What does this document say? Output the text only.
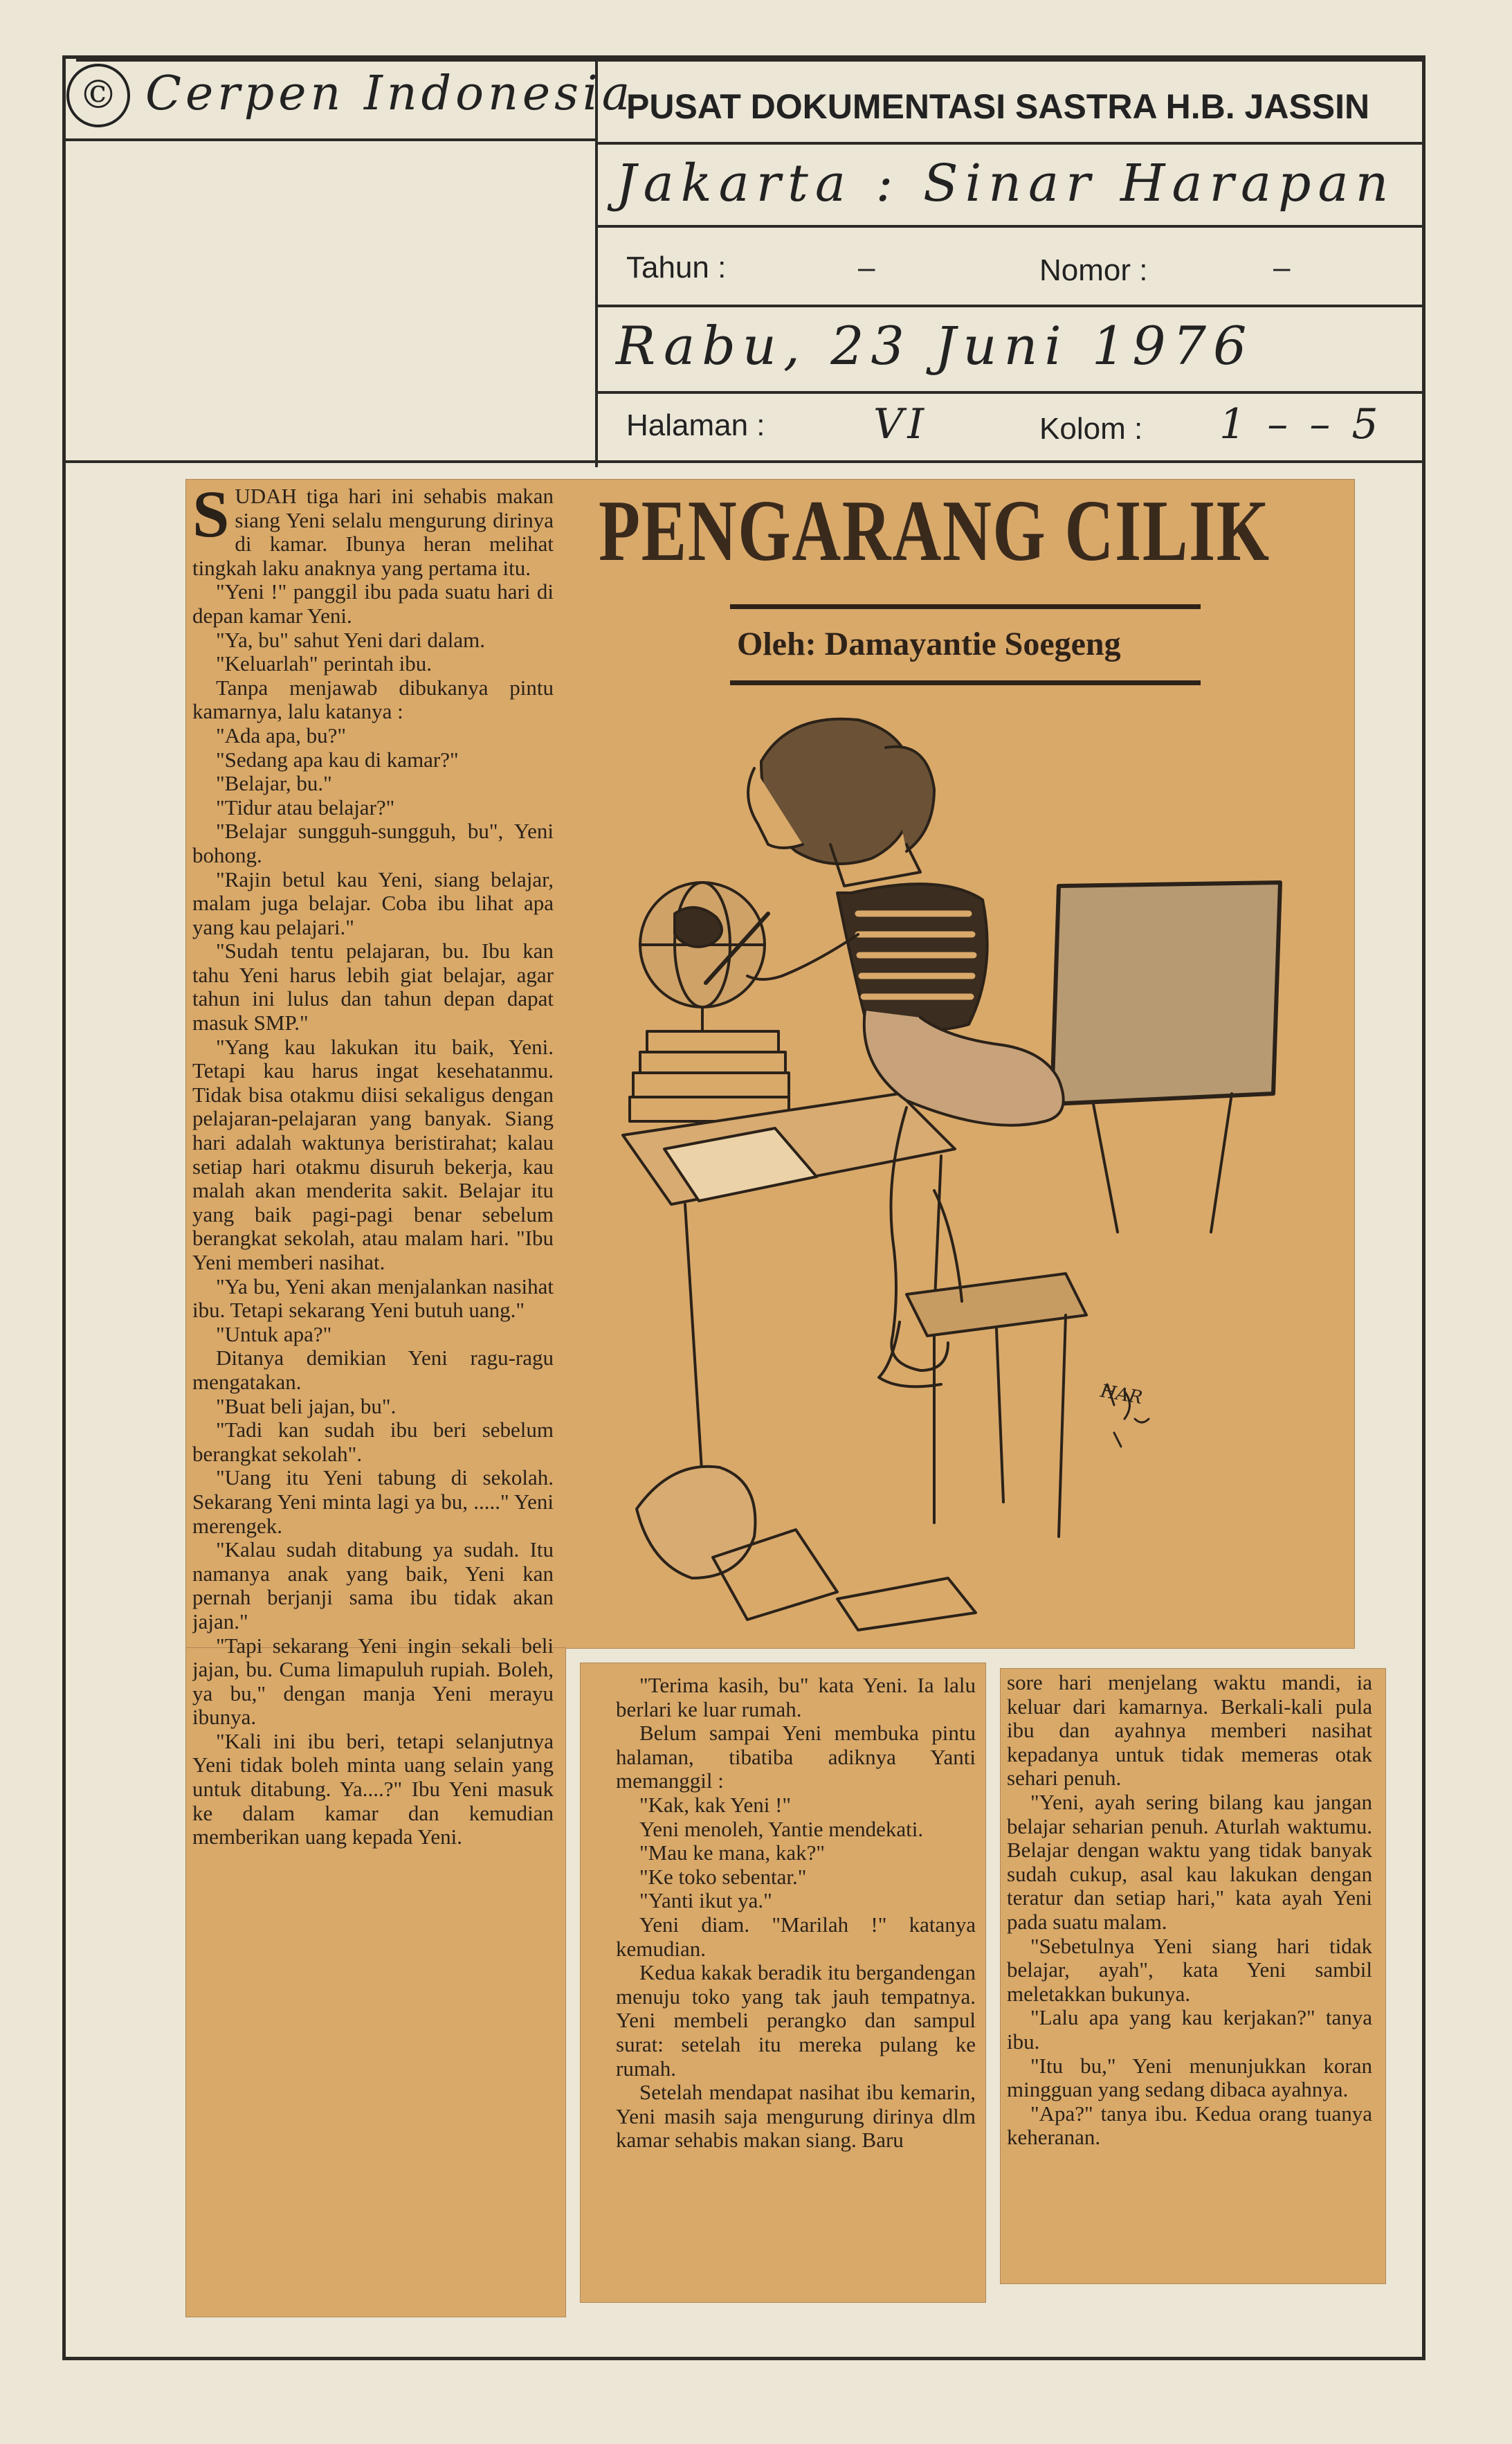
© Cerpen Indonesia
PUSAT DOKUMENTASI SASTRA H.B. JASSIN
Jakarta : Sinar Harapan
Tahun :	–	Nomor :	–
Rabu, 23 Juni 1976
Halaman :	VI	Kolom : 1 – – 5
PENGARANG CILIK
Oleh: Damayantie Soegeng

SUDAH tiga hari ini sehabis makan siang Yeni selalu mengurung dirinya di kamar. Ibunya heran melihat tingkah laku anaknya yang pertama itu.

"Yeni !" panggil ibu pada suatu hari di depan kamar Yeni.

"Ya, bu" sahut Yeni dari dalam.

"Keluarlah" perintah ibu.

Tanpa menjawab dibukanya pintu kamarnya, lalu katanya :

"Ada apa, bu?"

"Sedang apa kau di kamar?"

"Belajar, bu."

"Tidur atau belajar?"

"Belajar sungguh-sungguh, bu", Yeni bohong.

"Rajin betul kau Yeni, siang belajar, malam juga belajar. Coba ibu lihat apa yang kau pelajari."

"Sudah tentu pelajaran, bu. Ibu kan tahu Yeni harus lebih giat belajar, agar tahun ini lulus dan tahun depan dapat masuk SMP."

"Yang kau lakukan itu baik, Yeni. Tetapi kau harus ingat kesehatanmu. Tidak bisa otakmu diisi sekaligus dengan pelajaran-pelajaran yang banyak. Siang hari adalah waktunya beristirahat; kalau setiap hari otakmu disuruh bekerja, kau malah akan menderita sakit. Belajar itu yang baik pagi-pagi benar sebelum berangkat sekolah, atau malam hari. "Ibu Yeni memberi nasihat.

"Ya bu, Yeni akan menjalankan nasihat ibu. Tetapi sekarang Yeni butuh uang."

"Untuk apa?"

Ditanya demikian Yeni ragu-ragu mengatakan.

"Buat beli jajan, bu".

"Tadi kan sudah ibu beri sebelum berangkat sekolah".

"Uang itu Yeni tabung di sekolah. Sekarang Yeni minta lagi ya bu, ....." Yeni merengek.

"Kalau sudah ditabung ya sudah. Itu namanya anak yang baik, Yeni kan pernah berjanji sama ibu tidak akan jajan."

"Tapi sekarang Yeni ingin sekali beli jajan, bu. Cuma limapuluh rupiah. Boleh, ya bu," dengan manja Yeni merayu ibunya.

"Kali ini ibu beri, tetapi selanjutnya Yeni tidak boleh minta uang selain yang untuk ditabung. Ya....?" Ibu Yeni masuk ke dalam kamar dan kemudian memberikan uang kepada Yeni.

"Terima kasih, bu" kata Yeni. Ia lalu berlari ke luar rumah.

Belum sampai Yeni membuka pintu halaman, tibatiba adiknya Yanti memanggil :

"Kak, kak Yeni !"

Yeni menoleh, Yantie mendekati.

"Mau ke mana, kak?"

"Ke toko sebentar."

"Yanti ikut ya."

Yeni diam. "Marilah !" katanya kemudian.

Kedua kakak beradik itu bergandengan menuju toko yang tak jauh tempatnya. Yeni membeli perangko dan sampul surat: setelah itu mereka pulang ke rumah.

Setelah mendapat nasihat ibu kemarin, Yeni masih saja mengurung dirinya dlm kamar sehabis makan siang. Baru

sore hari menjelang waktu mandi, ia keluar dari kamarnya. Berkali-kali pula ibu dan ayahnya memberi nasihat kepadanya untuk tidak memeras otak sehari penuh.

"Yeni, ayah sering bilang kau jangan belajar seharian penuh. Aturlah waktumu. Belajar dengan waktu yang tidak banyak sudah cukup, asal kau lakukan dengan teratur dan setiap hari," kata ayah Yeni pada suatu malam.

"Sebetulnya Yeni siang hari tidak belajar, ayah", kata Yeni sambil meletakkan bukunya.

"Lalu apa yang kau kerjakan?" tanya ibu.

"Itu bu," Yeni menunjukkan koran mingguan yang sedang dibaca ayahnya.

"Apa?" tanya ibu. Kedua orang tuanya keheranan.

HAR
